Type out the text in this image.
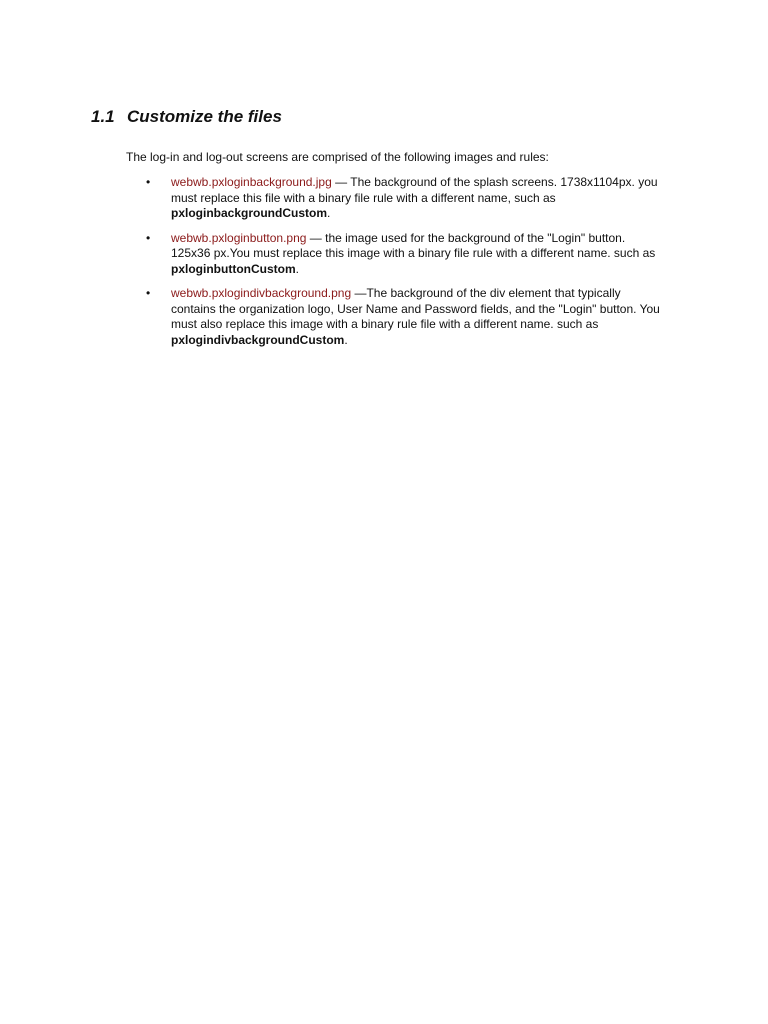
1.1 Customize the files
The log-in and log-out screens are comprised of the following images and rules:
• webwb.pxloginbackground.jpg — The background of the splash screens. 1738x1104px. you must replace this file with a binary file rule with a different name, such as pxloginbackgroundCustom.
• webwb.pxloginbutton.png — the image used for the background of the "Login" button. 125x36 px.You must replace this image with a binary file rule with a different name. such as pxloginbuttonCustom.
• webwb.pxlogindivbackground.png —The background of the div element that typically contains the organization logo, User Name and Password fields, and the "Login" button. You must also replace this image with a binary rule file with a different name. such as pxlogindivbackgroundCustom.
